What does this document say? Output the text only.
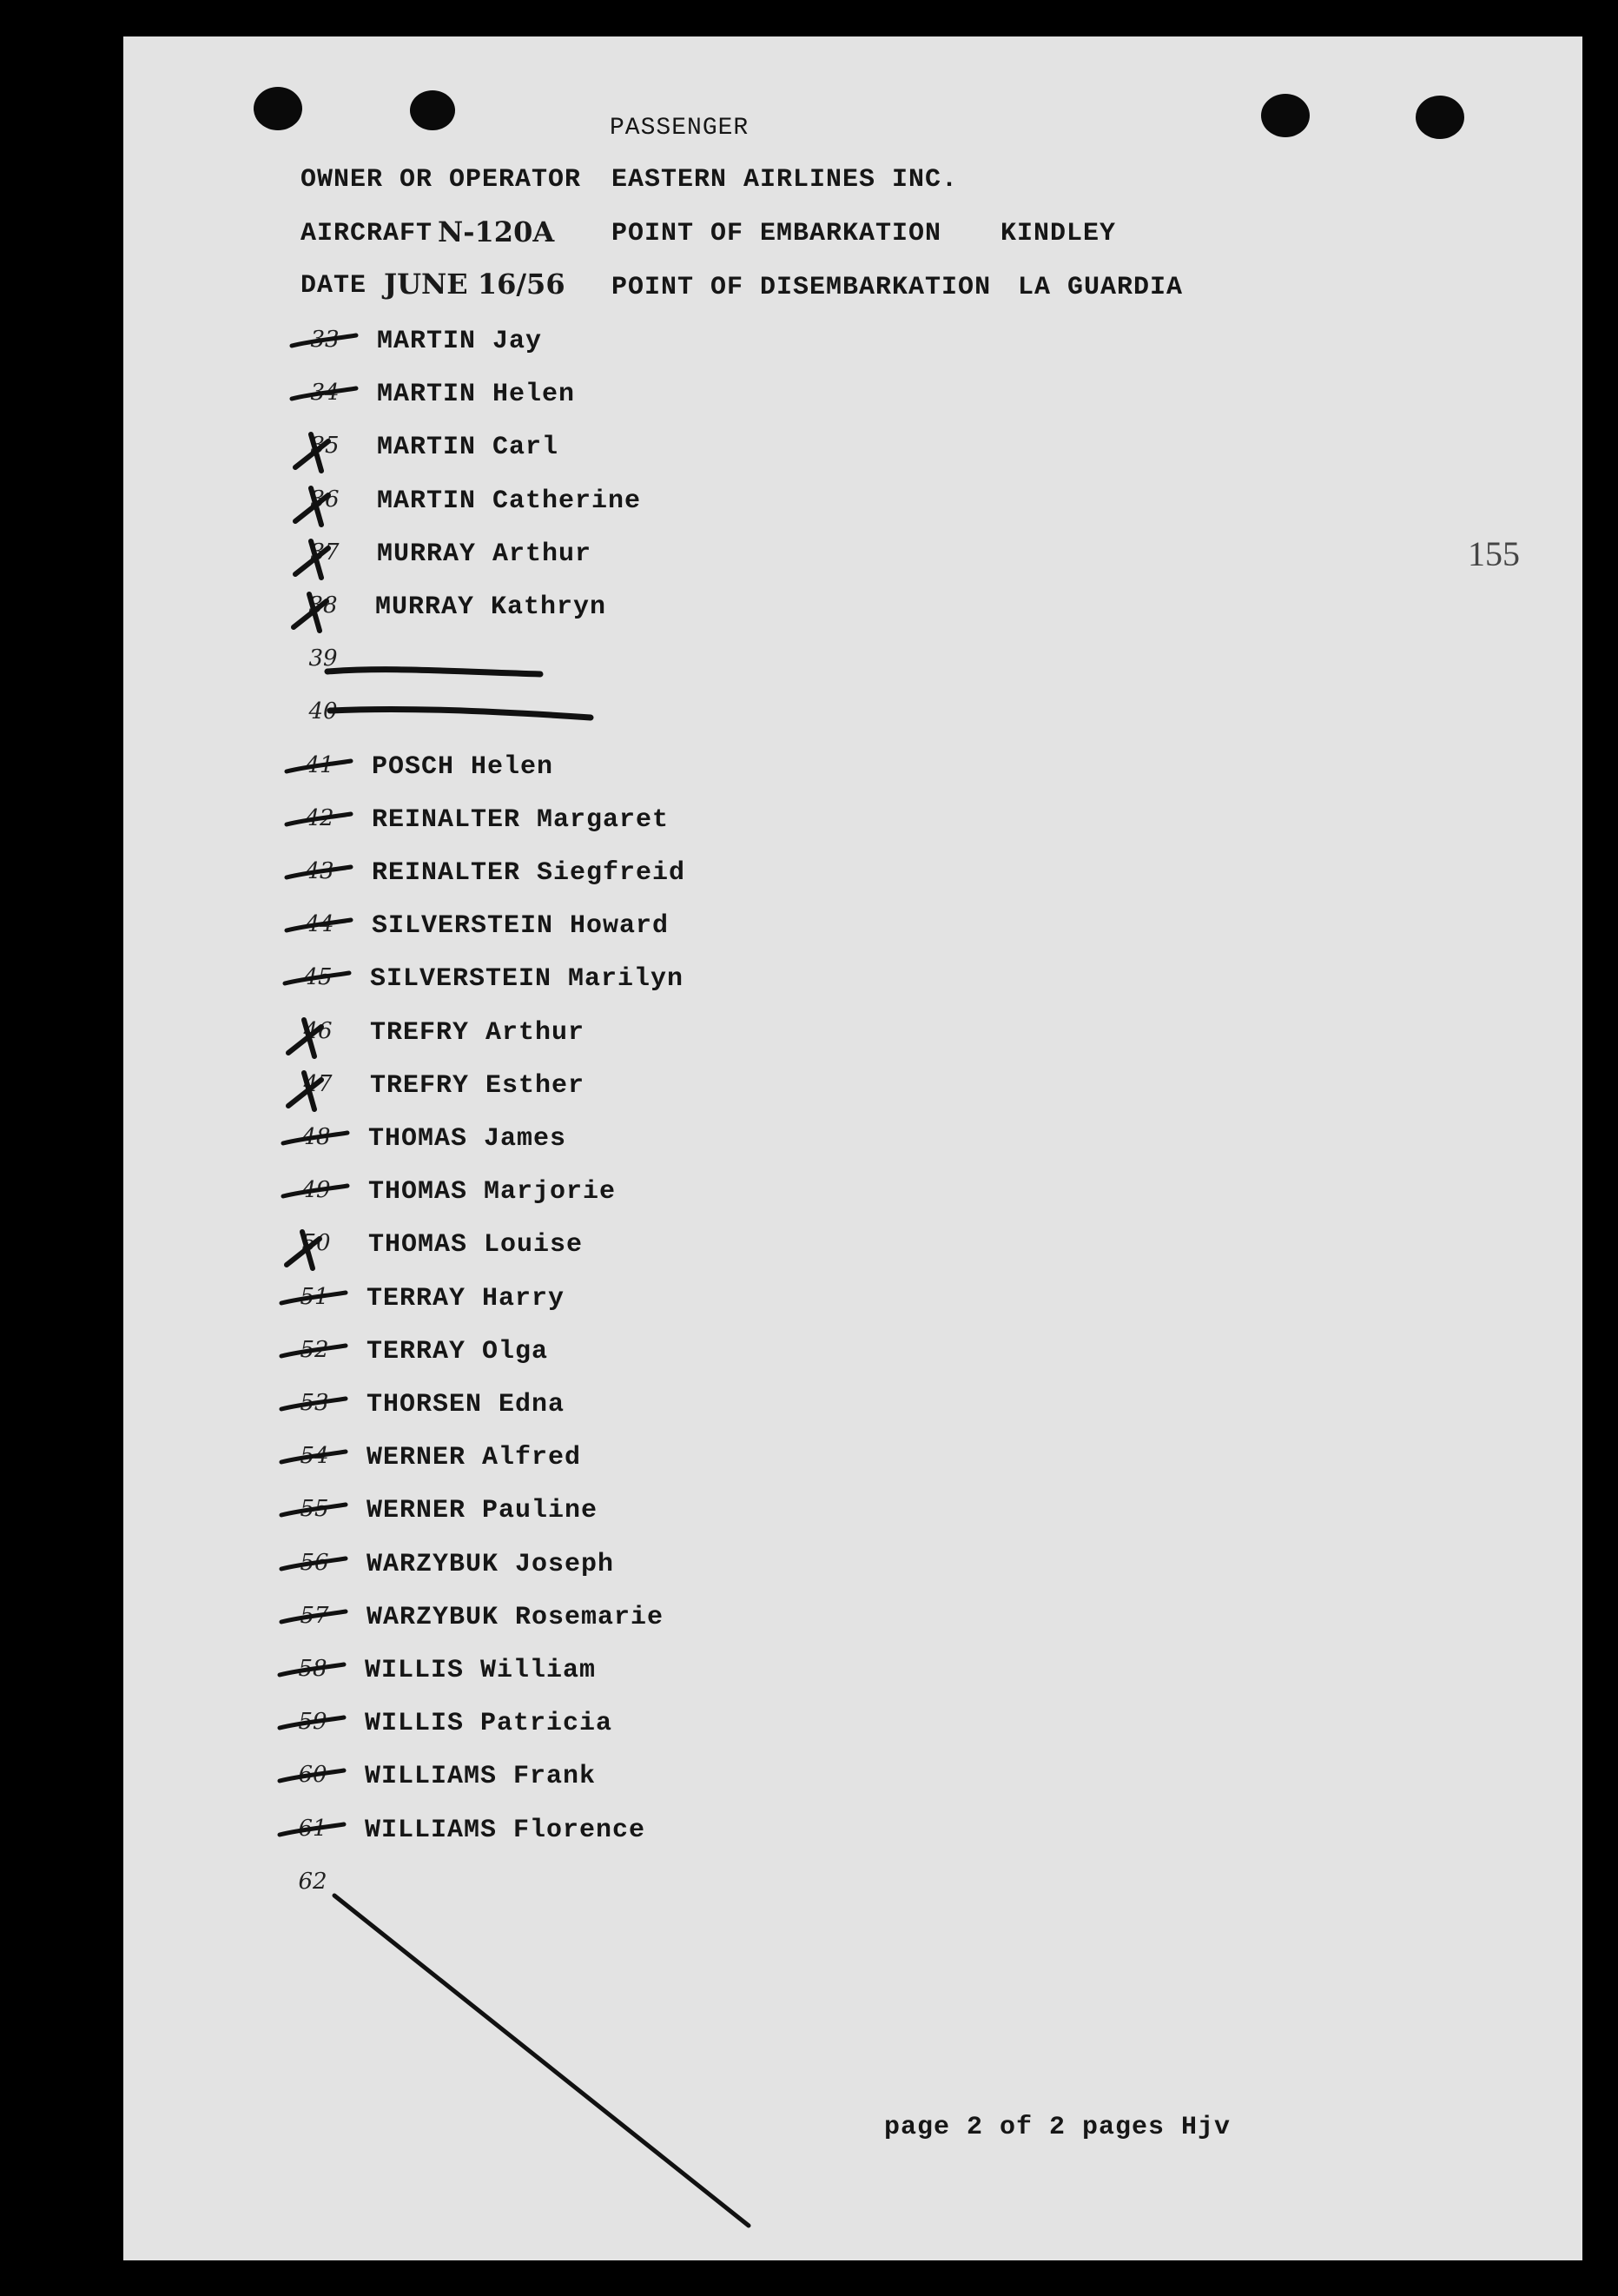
PASSENGER
OWNER OR OPERATOR EASTERN AIRLINES INC.
AIRCRAFT N-120A POINT OF EMBARKATION KINDLEY
DATE JUNE 16/56 POINT OF DISEMBARKATION LA GUARDIA
155
33	MARTIN Jay
34	MARTIN Helen
35	MARTIN Carl
36	MARTIN Catherine
37	MURRAY Arthur
38	MURRAY Kathryn
39
40
41	POSCH Helen
42	REINALTER Margaret
43	REINALTER Siegfreid
44	SILVERSTEIN Howard
45	SILVERSTEIN Marilyn
46	TREFRY Arthur
47	TREFRY Esther
48	THOMAS James
49	THOMAS Marjorie
50	THOMAS Louise
51	TERRAY Harry
52	TERRAY Olga
53	THORSEN Edna
54	WERNER Alfred
55	WERNER Pauline
56	WARZYBUK Joseph
57	WARZYBUK Rosemarie
58	WILLIS William
59	WILLIS Patricia
60	WILLIAMS Frank
61	WILLIAMS Florence
62
page 2 of 2 pages Hjv
